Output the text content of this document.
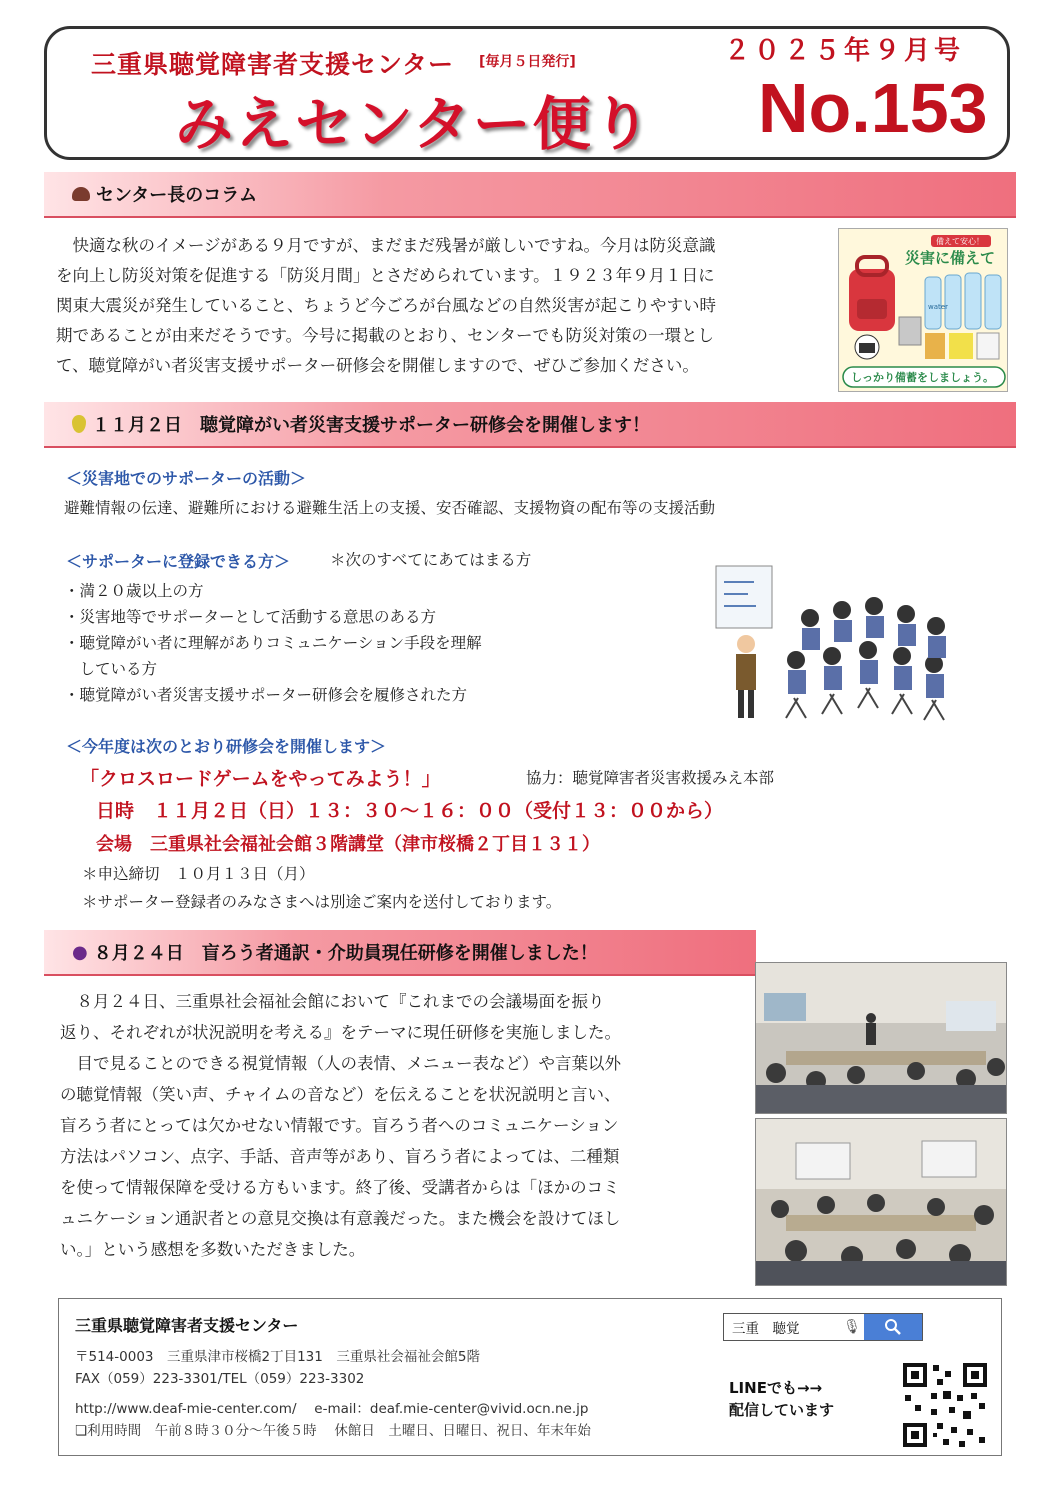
三重県聴覚障害者支援センター [毎月５日発行]
みえセンター便り
２０２５年９月号
No.153
センター長のコラム
　快適な秋のイメージがある９月ですが、まだまだ残暑が厳しいですね。今月は防災意識
を向上し防災対策を促進する「防災月間」とさだめられています。１９２３年９月１日に
関東大震災が発生していること、ちょうど今ごろが台風などの自然災害が起こりやすい時
期であることが由来だそうです。今号に掲載のとおり、センターでも防災対策の一環とし
て、聴覚障がい者災害支援サポーター研修会を開催しますので、ぜひご参加ください。
water
備えて安心！
災害に備えて
しっかり備蓄をしましょう。
１１月２日　聴覚障がい者災害支援サポーター研修会を開催します！
＜災害地でのサポーターの活動＞
避難情報の伝達、避難所における避難生活上の支援、安否確認、支援物資の配布等の支援活動
＜サポーターに登録できる方＞	＊次のすべてにあてはまる方
・満２０歳以上の方
・災害地等でサポーターとして活動する意思のある方
・聴覚障がい者に理解がありコミュニケーション手段を理解
　している方
・聴覚障がい者災害支援サポーター研修会を履修された方
＜今年度は次のとおり研修会を開催します＞
「クロスロードゲームをやってみよう！」	協力：聴覚障害者災害救援みえ本部
日時　１１月２日（日）１３：３０～１６：００（受付１３：００から）
会場　三重県社会福祉会館３階講堂（津市桜橋２丁目１３１）
＊申込締切　１０月１３日（月）
＊サポーター登録者のみなさまへは別途ご案内を送付しております。
● ８月２４日　盲ろう者通訳・介助員現任研修を開催しました！
　８月２４日、三重県社会福祉会館において『これまでの会議場面を振り
返り、それぞれが状況説明を考える』をテーマに現任研修を実施しました。
　目で見ることのできる視覚情報（人の表情、メニュー表など）や言葉以外
の聴覚情報（笑い声、チャイムの音など）を伝えることを状況説明と言い、
盲ろう者にとっては欠かせない情報です。盲ろう者へのコミュニケーション
方法はパソコン、点字、手話、音声等があり、盲ろう者によっては、二種類
を使って情報保障を受ける方もいます。終了後、受講者からは「ほかのコミ
ュニケーション通訳者との意見交換は有意義だった。また機会を設けてほし
い。」という感想を多数いただきました。
三重県聴覚障害者支援センター
〒514-0003　三重県津市桜橋2丁目131　三重県社会福祉会館5階
FAX（059）223-3301/TEL（059）223-3302
http://www.deaf-mie-center.com/　 e-mail：deaf.mie-center@vivid.ocn.ne.jp
❏利用時間　午前８時３０分～午後５時　 休館日　土曜日、日曜日、祝日、年末年始
三重　聴覚	🎙
LINEでも→→
配信しています
